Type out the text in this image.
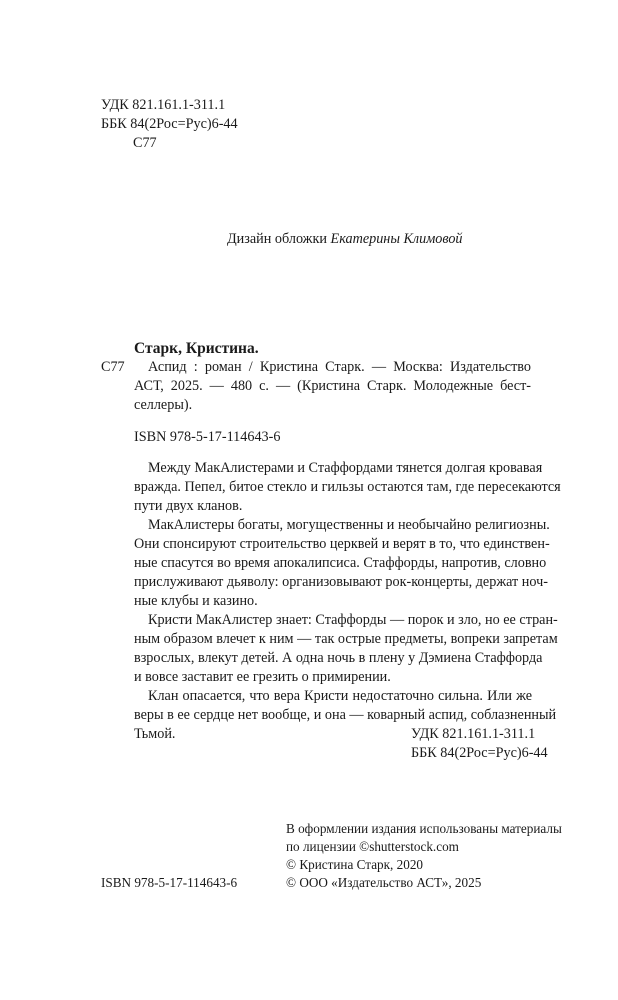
УДК 821.161.1-311.1
ББК 84(2Рос=Рус)6-44
С77
Дизайн обложки Екатерины Климовой
Старк, Кристина.
С77 Аспид : роман / Кристина Старк. — Москва: Издательство
АСТ, 2025. — 480 с. — (Кристина Старк. Молодежные бест-
селлеры).
ISBN 978-5-17-114643-6
Между МакАлистерами и Стаффордами тянется долгая кровавая
вражда. Пепел, битое стекло и гильзы остаются там, где пересекаются
пути двух кланов.
МакАлистеры богаты, могущественны и необычайно религиозны.
Они спонсируют строительство церквей и верят в то, что единствен-
ные спасутся во время апокалипсиса. Стаффорды, напротив, словно
прислуживают дьяволу: организовывают рок-концерты, держат ноч-
ные клубы и казино.
Кристи МакАлистер знает: Стаффорды — порок и зло, но ее стран-
ным образом влечет к ним — так острые предметы, вопреки запретам
взрослых, влекут детей. А одна ночь в плену у Дэмиена Стаффорда
и вовсе заставит ее грезить о примирении.
Клан опасается, что вера Кристи недостаточно сильна. Или же
веры в ее сердце нет вообще, и она — коварный аспид, соблазненный
Тьмой.	УДК 821.161.1-311.1
ББК 84(2Рос=Рус)6-44
В оформлении издания использованы материалы
по лицензии ©shutterstock.com
© Кристина Старк, 2020
© ООО «Издательство АСТ», 2025
ISBN 978-5-17-114643-6
